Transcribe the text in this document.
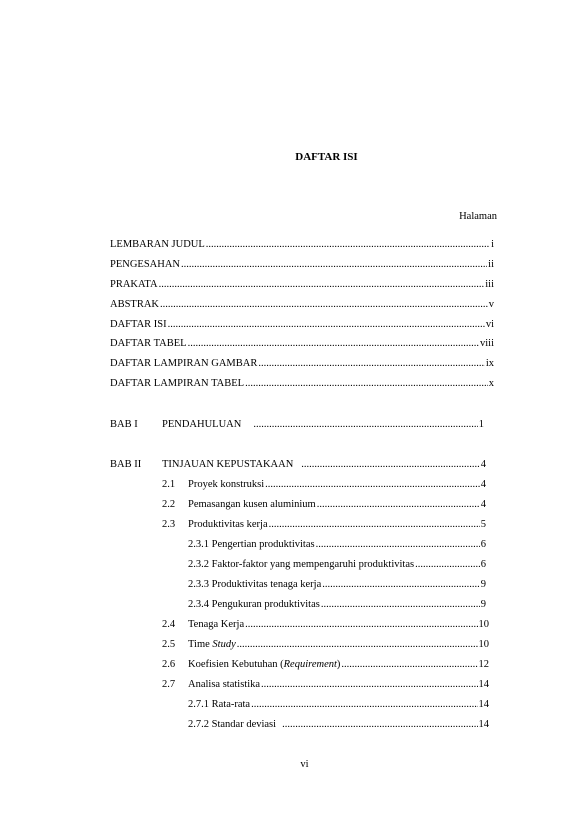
DAFTAR ISI
Halaman
LEMBARAN JUDUL .....	i
PENGESAHAN .....	ii
PRAKATA .....	iii
ABSTRAK .....	v
DAFTAR ISI .....	vi
DAFTAR TABEL .....	viii
DAFTAR LAMPIRAN GAMBAR .....	ix
DAFTAR LAMPIRAN TABEL .....	x
BAB I PENDAHULUAN .....	1
BAB II TINJAUAN KEPUSTAKAAN .....	4
2.1 Proyek konstruksi .....	4
2.2 Pemasangan kusen aluminium .....	4
2.3 Produktivitas kerja .....	5
2.3.1 Pengertian produktivitas .....	6
2.3.2 Faktor-faktor yang mempengaruhi produktivitas .....	6
2.3.3 Produktivitas tenaga kerja .....	9
2.3.4 Pengukuran produktivitas .....	9
2.4 Tenaga Kerja .....	10
2.5 Time Study .....	10
2.6 Koefisien Kebutuhan (Requirement) .....	12
2.7 Analisa statistika .....	14
2.7.1 Rata-rata .....	14
2.7.2 Standar deviasi .....	14
vi
